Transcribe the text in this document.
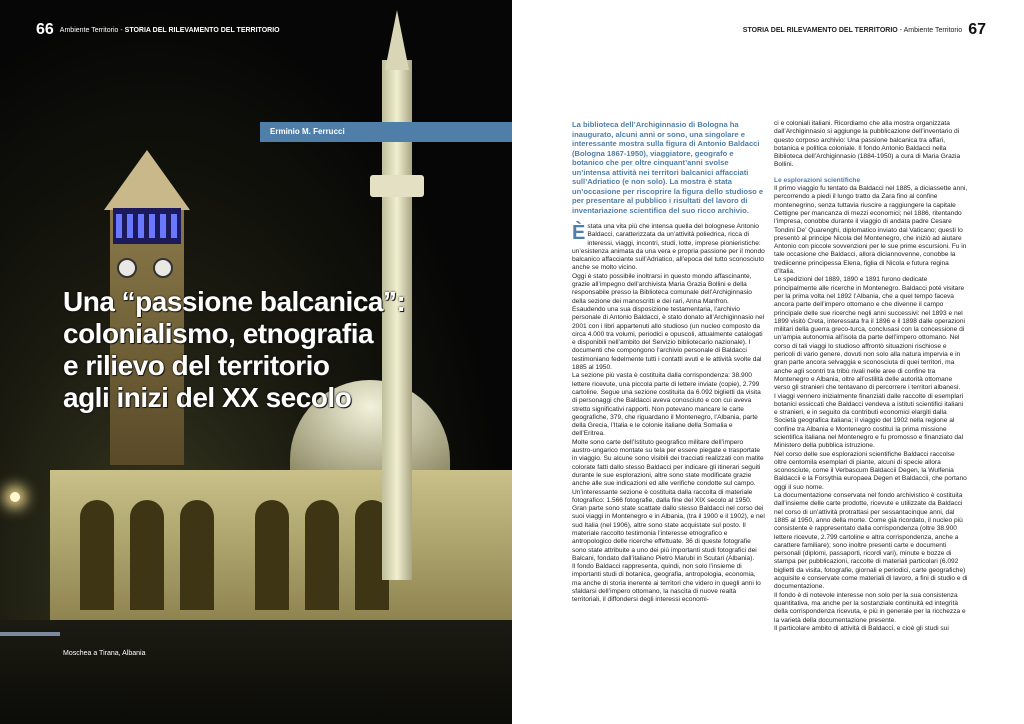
66 Ambiente Territorio - STORIA DEL RILEVAMENTO DEL TERRITORIO
Erminio M. Ferrucci
Una “passione balcanica”:
colonialismo, etnografia
e rilievo del territorio
agli inizi del XX secolo
Moschea a Tirana, Albania
STORIA DEL RILEVAMENTO DEL TERRITORIO - Ambiente Territorio 67
La biblioteca dell’Archiginnasio di Bologna ha inaugurato, alcuni anni or sono, una singolare e interessante mostra sulla figura di Antonio Baldacci (Bologna 1867-1950), viaggiatore, geografo e botanico che per oltre cinquant’anni svolse un’intensa attività nei territori balcanici affacciati sull’Adriatico (e non solo). La mostra è stata un’occasione per riscoprire la figura dello studioso e per presentare al pubblico i risultati del lavoro di inventariazione scientifica del suo ricco archivio.
È stata una vita più che intensa quella del bolognese Antonio Baldacci, caratterizzata da un’attività poliedrica, ricca di interessi, viaggi, incontri, studi, lotte, imprese pionieristiche: un’esistenza animata da una vera e propria passione per il mondo balcanico affacciante sull’Adriatico, all’epoca del tutto sconosciuto anche se molto vicino.

Oggi è stato possibile inoltrarsi in questo mondo affascinante, grazie all’impegno dell’archivista Maria Grazia Bollini e della responsabile presso la Biblioteca comunale dell’Archiginnasio della sezione dei manoscritti e dei rari, Anna Manfron.

Esaudendo una sua disposizione testamentaria, l’archivio personale di Antonio Baldacci, è stato donato all’Archiginnasio nel 2001 con i libri appartenuti allo studioso (un nucleo composto da circa 4.000 tra volumi, periodici e opuscoli, attualmente catalogati e disponibili nell’ambito del Servizio bibliotecario nazionale). I documenti che compongono l’archivio personale di Baldacci testimoniano fedelmente tutti i contatti avuti e le attività svolte dal 1885 al 1950.

La sezione più vasta è costituita dalla corrispondenza: 38.900 lettere ricevute, una piccola parte di lettere inviate (copie), 2.799 cartoline. Segue una sezione costituita da 6.092 biglietti da visita di personaggi che Baldacci aveva conosciuto e con cui aveva stretto significativi rapporti. Non potevano mancare le carte geografiche, 379, che riguardano il Montenegro, l’Albania, parte della Grecia, l’Italia e le colonie italiane della Somalia e dell’Eritrea.

Molte sono carte dell’Istituto geografico militare dell’impero austro-ungarico montate su tela per essere piegate e trasportate in viaggio. Su alcune sono visibili dei tracciati realizzati con matite colorate fatti dallo stesso Baldacci per indicare gli itinerari seguiti durante le sue esplorazioni, altre sono state modificate grazie anche alle sue indicazioni ed alle verifiche condotte sul campo.

Un’interessante sezione è costituita dalla raccolta di materiale fotografico: 1.566 fotografie, dalla fine del XIX secolo al 1950. Gran parte sono state scattate dallo stesso Baldacci nel corso dei suoi viaggi in Montenegro e in Albania, (tra il 1900 e il 1902), e nel sud Italia (nel 1906), altre sono state acquistate sul posto. Il materiale raccolto testimonia l’interesse etnografico e antropologico delle ricerche effettuate. 36 di queste fotografie sono state attribuite a uno dei più importanti studi fotografici dei Balcani, fondato dall’italiano Pietro Marubi in Scutari (Albania).

Il fondo Baldacci rappresenta, quindi, non solo l’insieme di importanti studi di botanica, geografia, antropologia, economia, ma anche di storia inerente ai territori che videro in quegli anni lo sfaldarsi dell’impero ottomano, la nascita di nuove realtà territoriali, il diffondersi degli interessi economi-

ci e coloniali italiani. Ricordiamo che alla mostra organizzata dall’Archiginnasio si aggiunge la pubblicazione dell’inventario di questo corposo archivio: Una passione balcanica tra affari, botanica e politica coloniale. Il fondo Antonio Baldacci nella Biblioteca dell’Archiginnasio (1884-1950) a cura di Maria Grazia Bollini.

Le esplorazioni scientifiche

Il primo viaggio fu tentato da Baldacci nel 1885, a diciassette anni, percorrendo a piedi il lungo tratto da Zara fino al confine montenegrino, senza tuttavia riuscire a raggiungere la capitale Cettigne per mancanza di mezzi economici; nel 1886, ritentando l’impresa, conobbe durante il viaggio di andata padre Cesare Tondini De’ Quarenghi, diplomatico inviato dal Vaticano; questi lo presentò al principe Nicola del Montenegro, che iniziò ad aiutare Antonio con piccole sovvenzioni per le sue prime escursioni. Fu in tale occasione che Baldacci, allora diciannovenne, conobbe la trediicenne principessa Elena, figlia di Nicola e futura regina d’Italia.

Le spedizioni del 1889, 1890 e 1891 furono dedicate principalmente alle ricerche in Montenegro. Baldacci poté visitare per la prima volta nel 1892 l’Albania, che a quel tempo faceva ancora parte dell’impero ottomano e che divenne il campo principale delle sue ricerche negli anni successivi: nel 1893 e nel 1899 visitò Creta, interessata fra il 1896 e il 1898 dalle operazioni militari della guerra greco-turca, conclusasi con la concessione di un’ampia autonomia all’isola da parte dell’impero ottomano. Nel corso di tali viaggi lo studioso affrontò situazioni rischiose e pericoli di vario genere, dovuti non solo alla natura impervia e in gran parte ancora selvaggia e sconosciuta di quei territori, ma anche agli scontri tra tribù rivali nelle aree di confine tra Montenegro e Albania, oltre all’ostilità delle autorità ottomane verso gli stranieri che tentavano di percorrere i territori albanesi.

I viaggi vennero inizialmente finanziati dalle raccolte di esemplari botanici essiccati che Baldacci vendeva a istituti scientifici italiani e stranieri, e in seguito da contributi economici elargiti dalla Società geografica italiana; il viaggio del 1902 nella regione al confine tra Albania e Montenegro costituì la prima missione scientifica italiana nel Montenegro e fu promosso e finanziato dal Ministero della pubblica istruzione.

Nel corso delle sue esplorazioni scientifiche Baldacci raccolse oltre centomila esemplari di piante, alcuni di specie allora sconosciute, come il Verbascum Baldaccii Degen, la Wulfenia Baldaccii e la Forsythia europaea Degen et Baldaccii, che portano oggi il suo nome.

La documentazione conservata nel fondo archivistico è costituita dall’insieme delle carte prodotte, ricevute e utilizzate da Baldacci nel corso di un’attività protrattasi per sessantacinque anni, dal 1885 al 1950, anno della morte. Come già ricordato, il nucleo più consistente è rappresentato dalla corrispondenza (oltre 38.900 lettere ricevute, 2.799 cartoline e altra corrispondenza, anche a carattere familiare); sono inoltre presenti carte e documenti personali (diplomi, passaporti, ricordi vari), minute e bozze di stampa per pubblicazioni, raccolte di materiali particolari (6.092 biglietti da visita, fotografie, giornali e periodici, carte geografiche) acquisite e conservate come materiali di lavoro, a fini di studio e di documentazione.

Il fondo è di notevole interesse non solo per la sua consistenza quantitativa, ma anche per la sostanziale continuità ed integrità della corrispondenza ricevuta, e più in generale per la ricchezza e la varietà della documentazione presente.

Il particolare ambito di attività di Baldacci, e cioè gli studi sui
